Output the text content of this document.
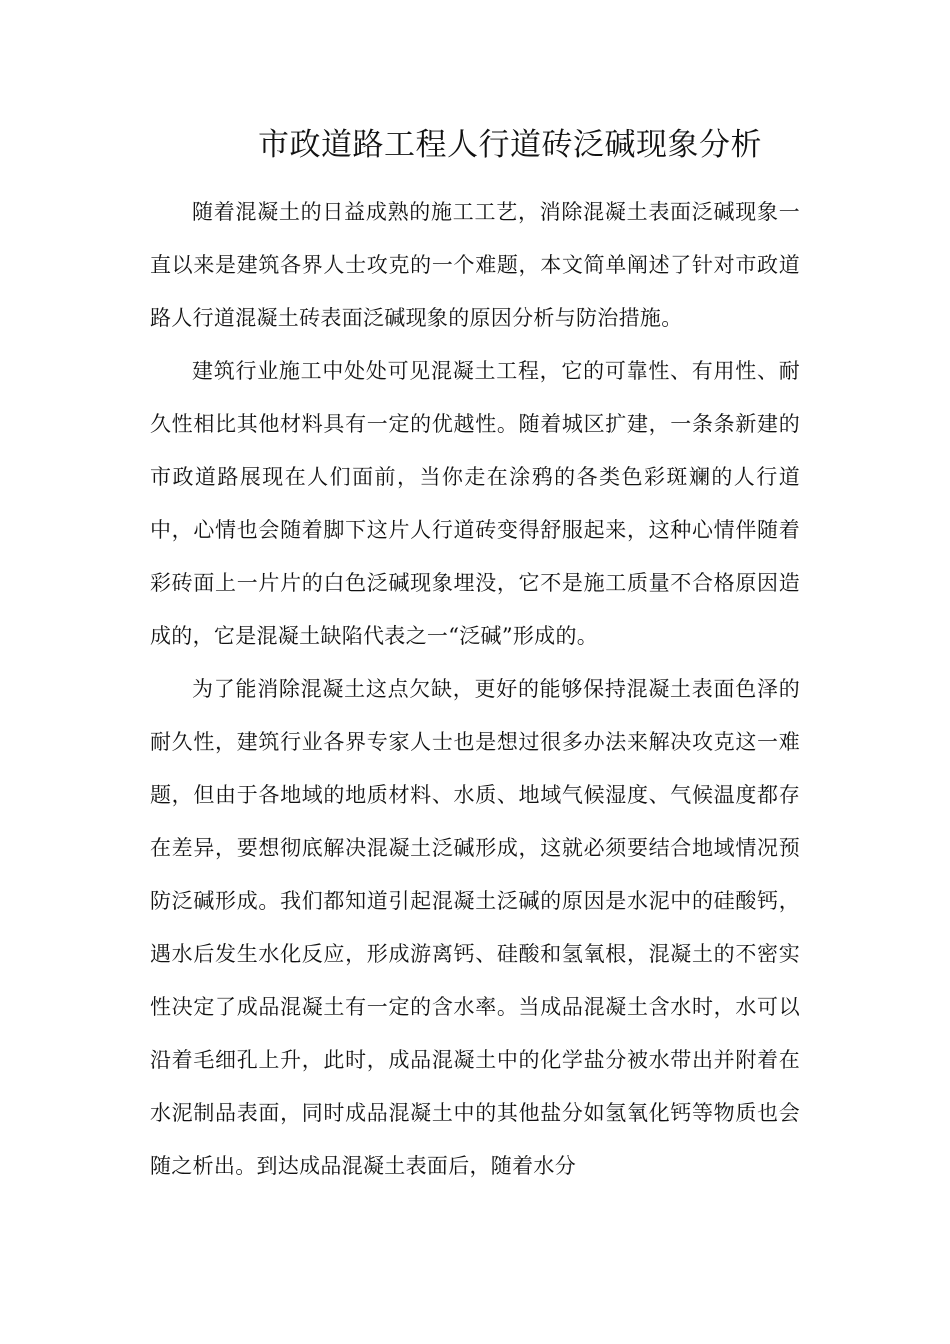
市政道路工程人行道砖泛碱现象分析

随着混凝土的日益成熟的施工工艺，消除混凝土表面泛碱现象一直以来是建筑各界人士攻克的一个难题，本文简单阐述了针对市政道路人行道混凝土砖表面泛碱现象的原因分析与防治措施。

建筑行业施工中处处可见混凝土工程，它的可靠性、有用性、耐久性相比其他材料具有一定的优越性。随着城区扩建，一条条新建的市政道路展现在人们面前，当你走在涂鸦的各类色彩斑斓的人行道中，心情也会随着脚下这片人行道砖变得舒服起来，这种心情伴随着彩砖面上一片片的白色泛碱现象埋没，它不是施工质量不合格原因造成的，它是混凝土缺陷代表之一“泛碱”形成的。

为了能消除混凝土这点欠缺，更好的能够保持混凝土表面色泽的耐久性，建筑行业各界专家人士也是想过很多办法来解决攻克这一难题，但由于各地域的地质材料、水质、地域气候湿度、气候温度都存在差异，要想彻底解决混凝土泛碱形成，这就必须要结合地域情况预防泛碱形成。我们都知道引起混凝土泛碱的原因是水泥中的硅酸钙，遇水后发生水化反应，形成游离钙、硅酸和氢氧根，混凝土的不密实性决定了成品混凝土有一定的含水率。当成品混凝土含水时，水可以沿着毛细孔上升，此时，成品混凝土中的化学盐分被水带出并附着在水泥制品表面，同时成品混凝土中的其他盐分如氢氧化钙等物质也会随之析出。到达成品混凝土表面后，随着水分
